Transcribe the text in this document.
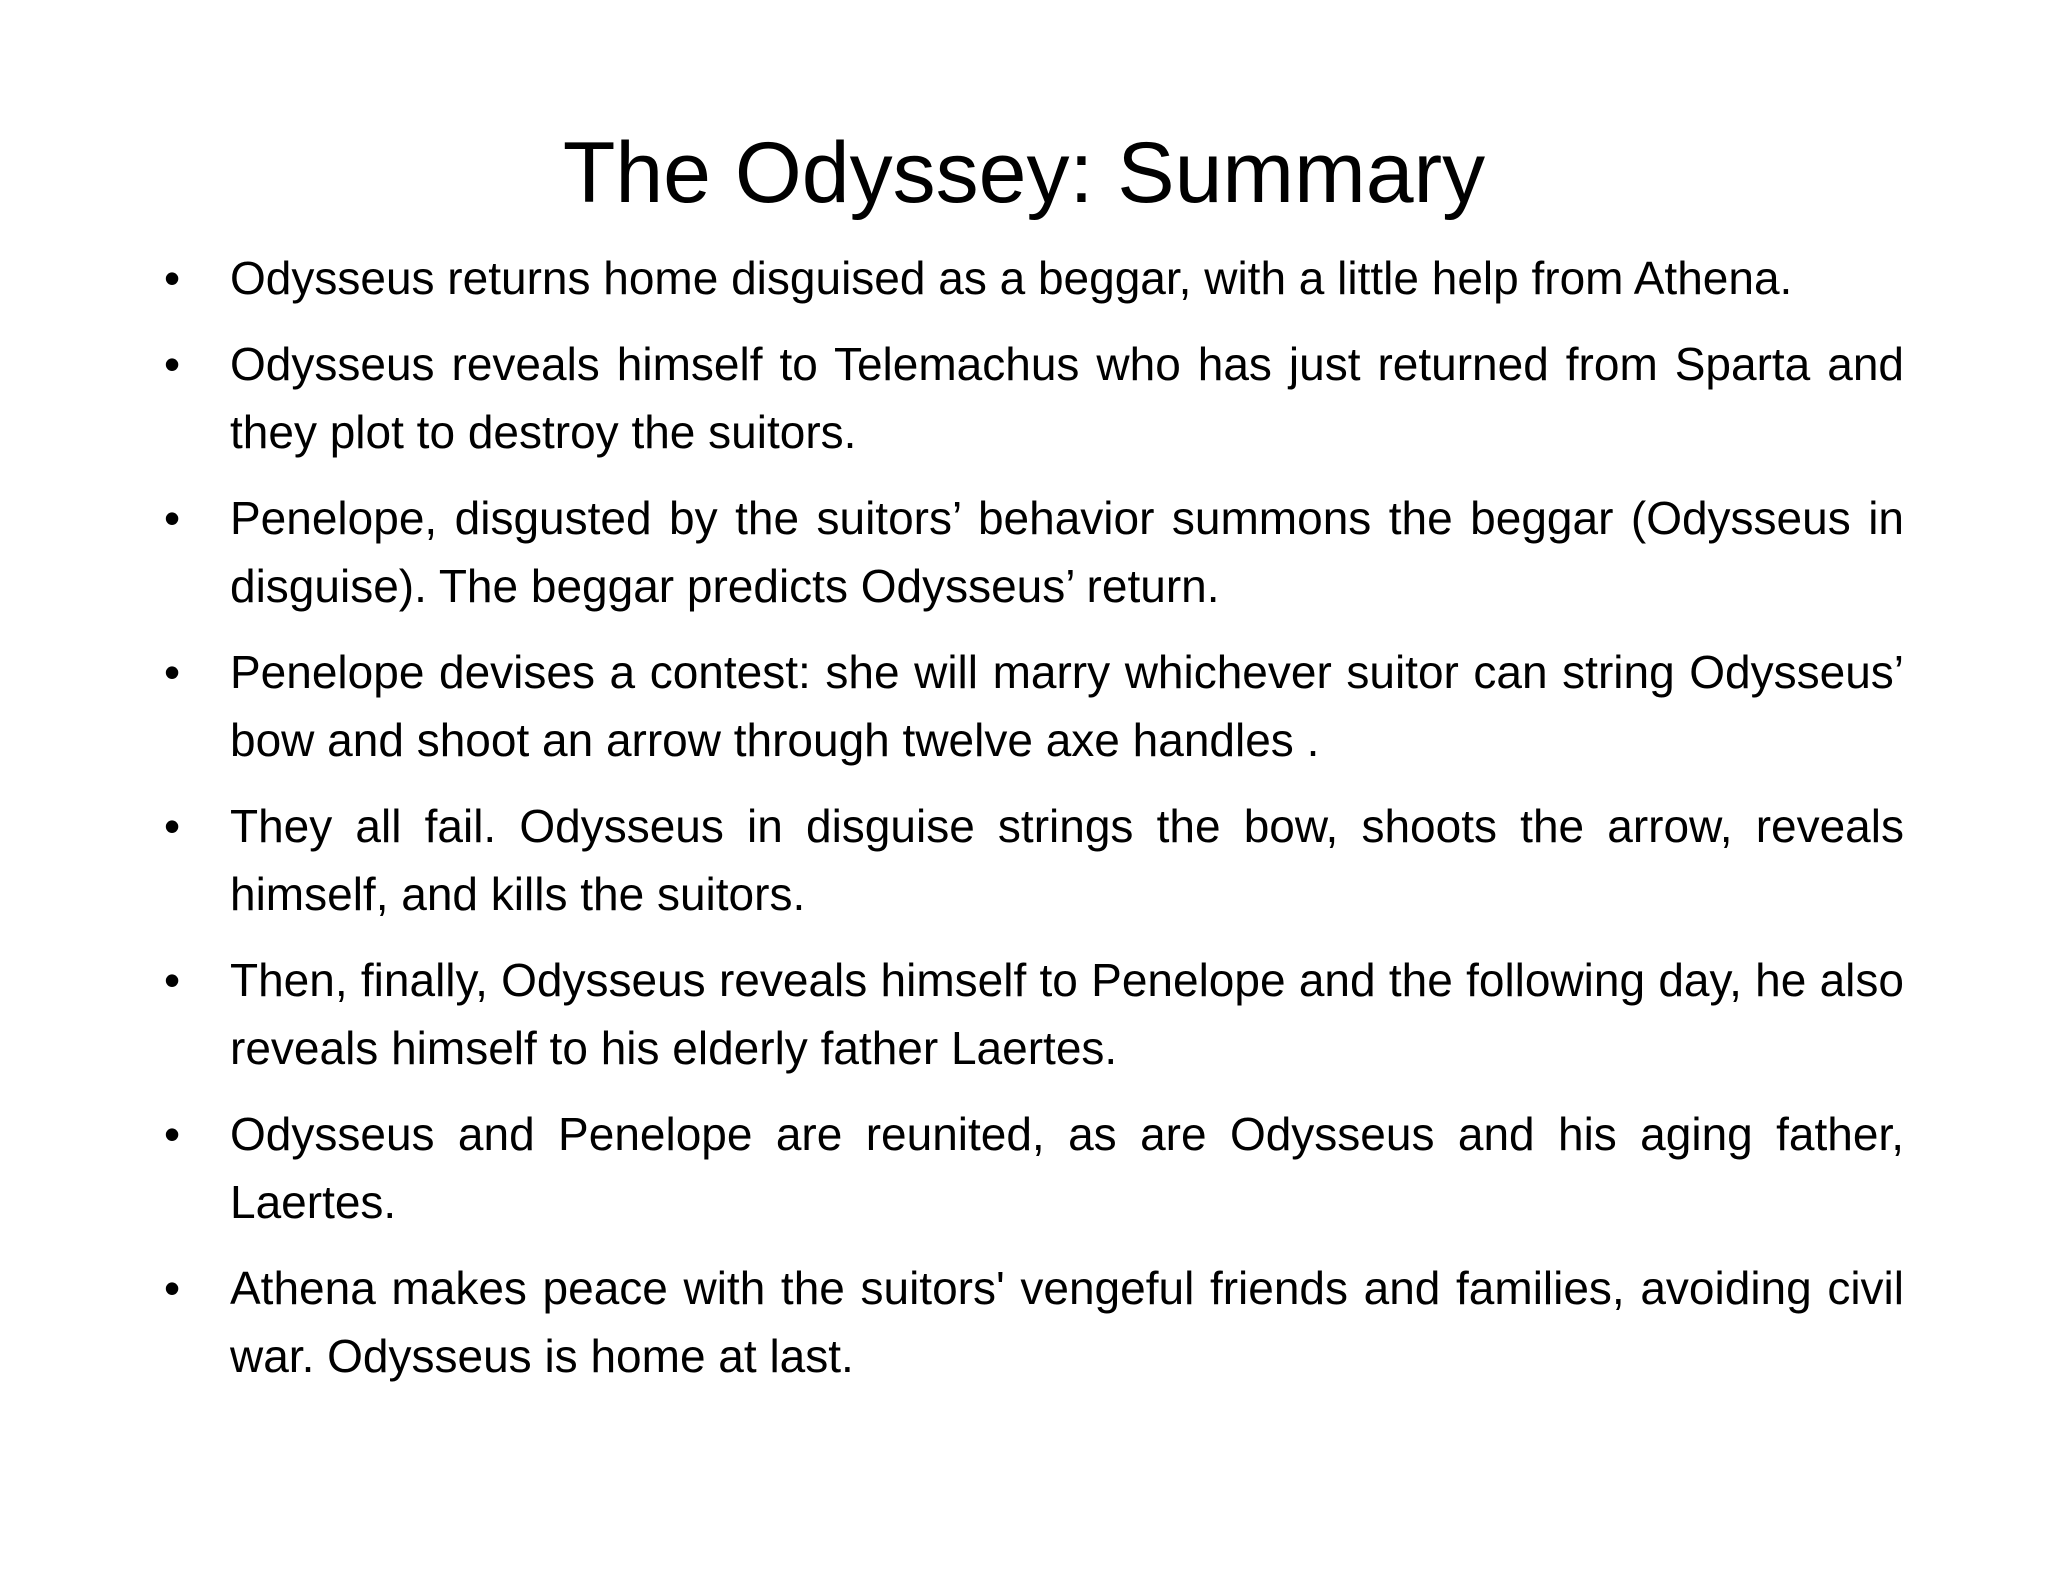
The Odyssey: Summary
•	Odysseus returns home disguised as a beggar, with a little help from Athena.
•	Odysseus reveals himself to Telemachus who has just returned from Sparta and they plot to destroy the suitors.
•	Penelope, disgusted by the suitors’ behavior summons the beggar (Odysseus in disguise). The beggar predicts Odysseus’ return.
•	Penelope devises a contest: she will marry whichever suitor can string Odysseus’ bow and shoot an arrow through twelve axe handles .
•	They all fail. Odysseus in disguise strings the bow, shoots the arrow, reveals himself, and kills the suitors.
•	Then, finally, Odysseus reveals himself to Penelope and the following day, he also reveals himself to his elderly father Laertes.
•	Odysseus and Penelope are reunited, as are Odysseus and his aging father, Laertes.
•	Athena makes peace with the suitors' vengeful friends and families, avoiding civil war. Odysseus is home at last.
